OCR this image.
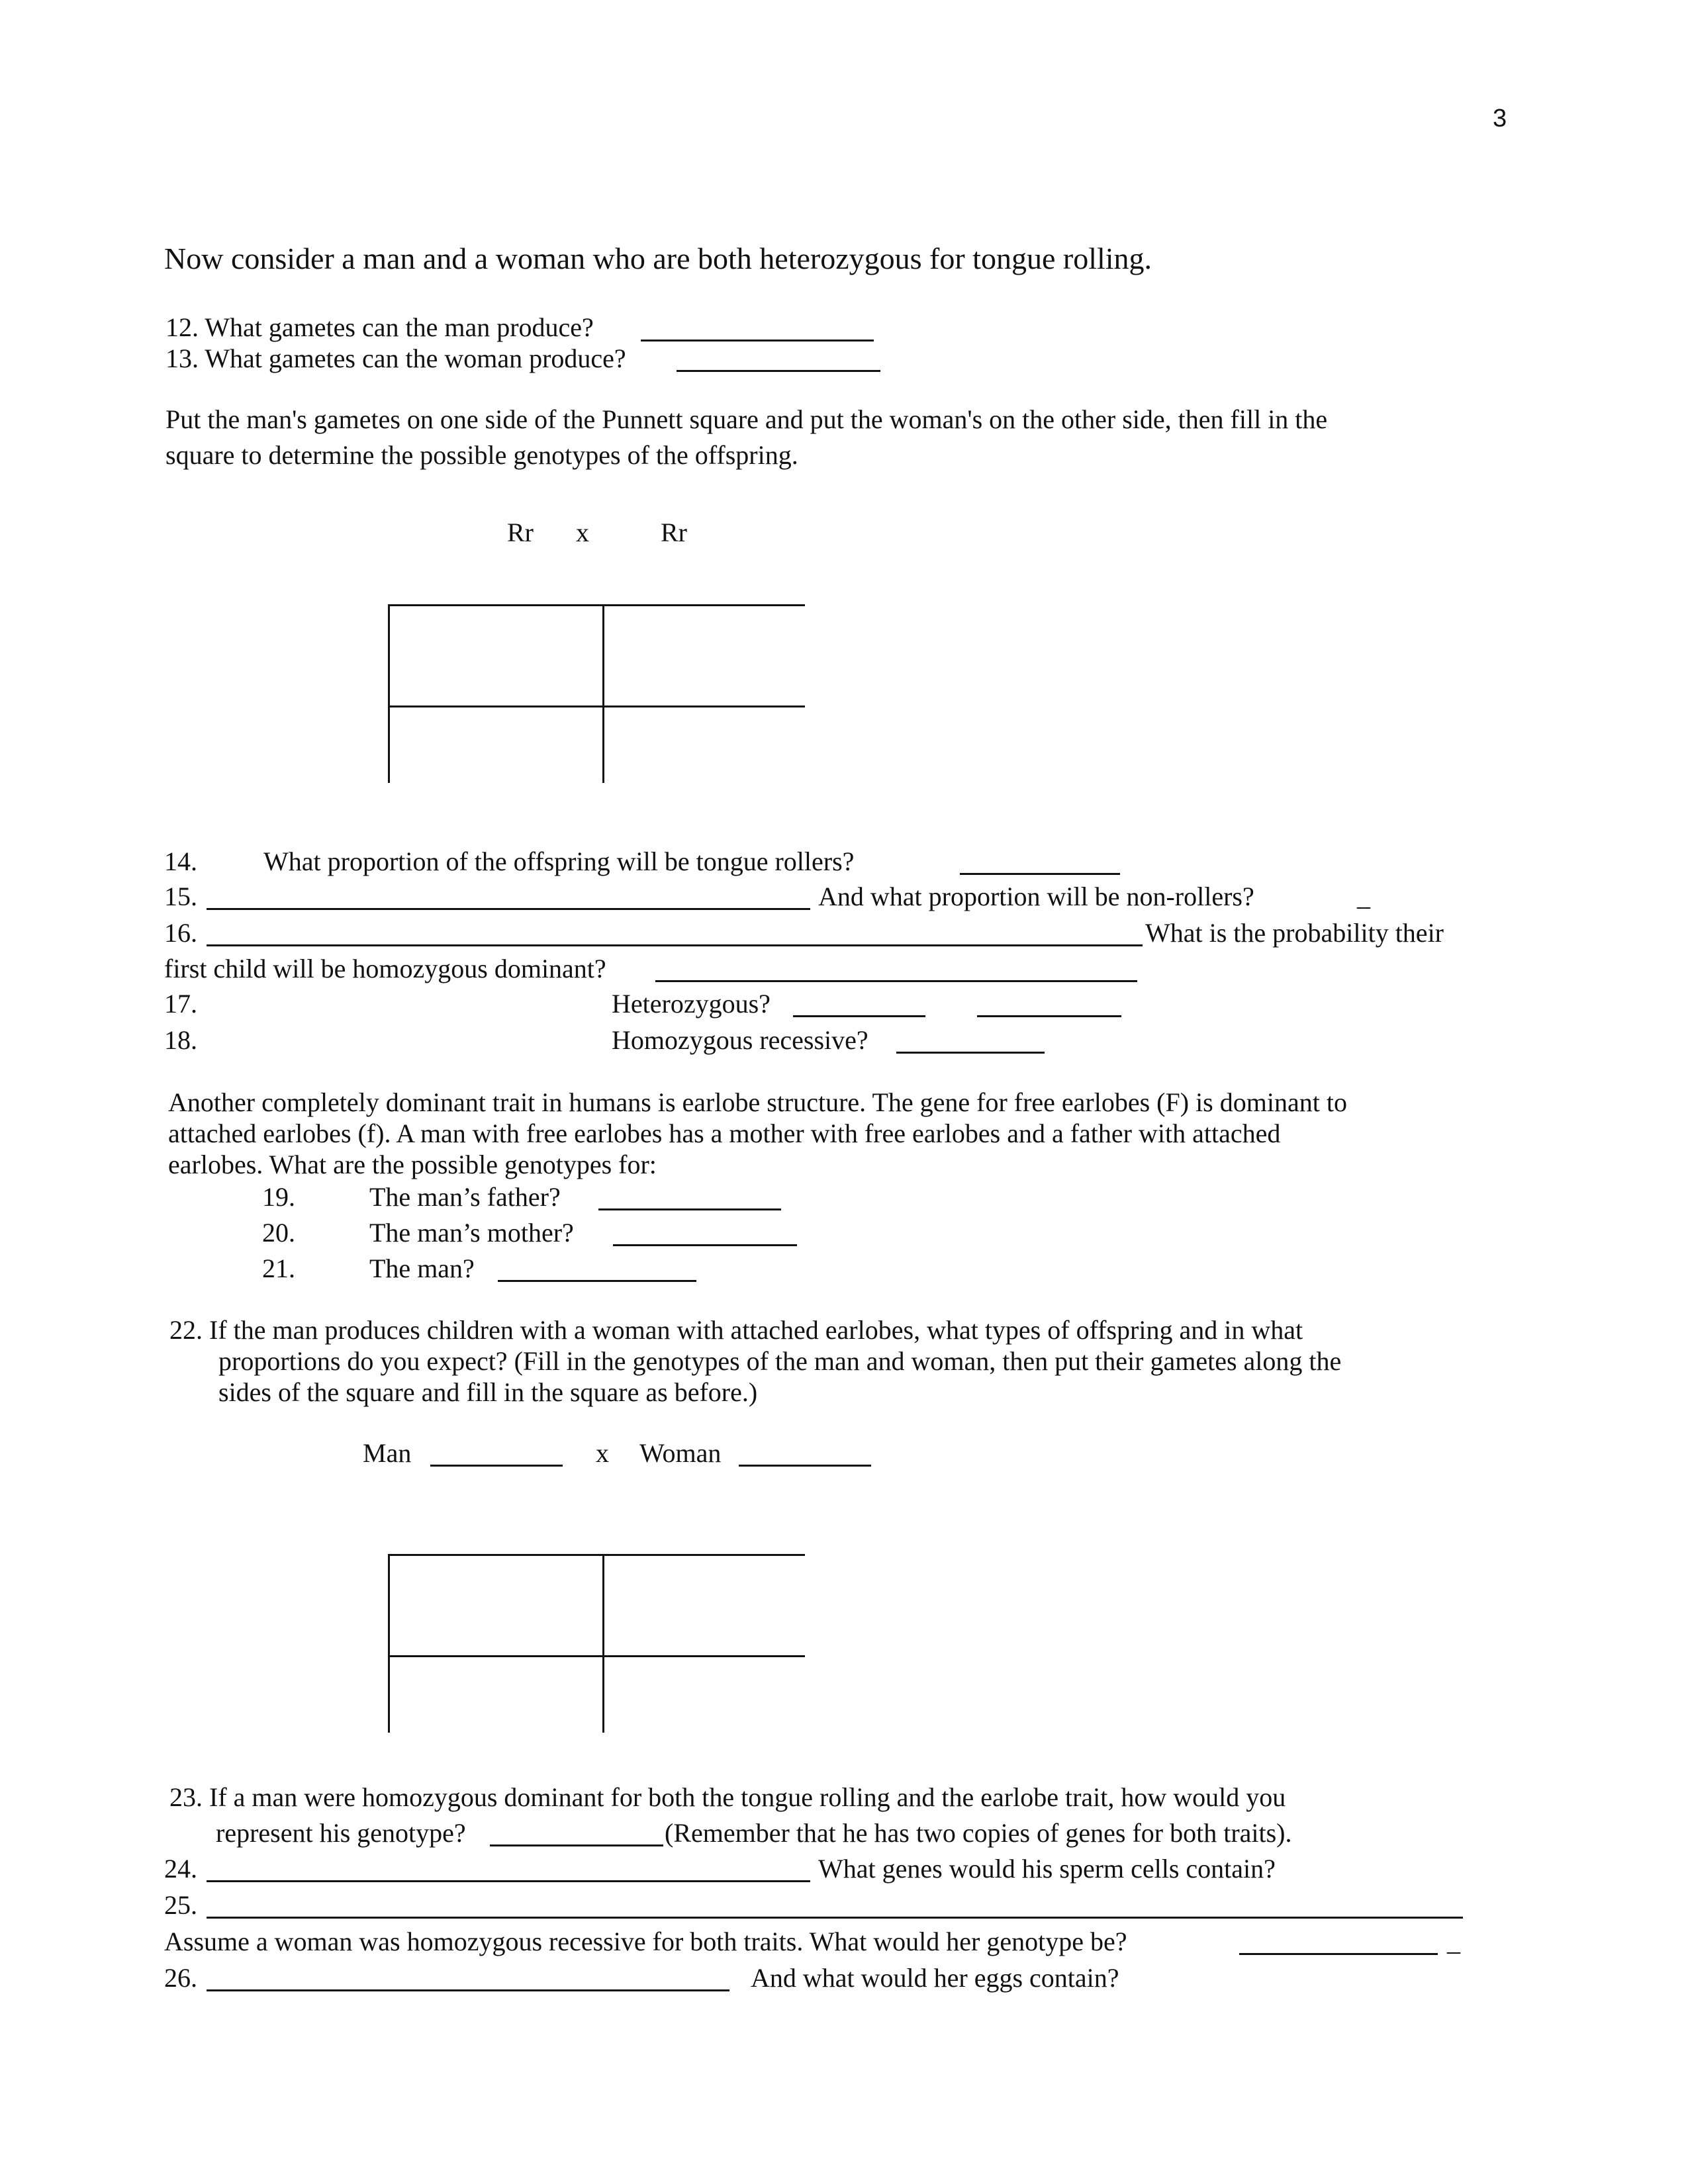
3
Now consider a man and a woman who are both heterozygous for tongue rolling.
12. What gametes can the man produce?
13. What gametes can the woman produce?
Put the man's gametes on one side of the Punnett square and put the woman's on the other side, then fill in the
square to determine the possible genotypes of the offspring.
Rr x	Rr
14.	What proportion of the offspring will be tongue rollers?
15.	And what proportion will be non-rollers?	_
16.	What is the probability their
first child will be homozygous dominant?
17.	Heterozygous?
18.	Homozygous recessive?
Another completely dominant trait in humans is earlobe structure. The gene for free earlobes (F) is dominant to
attached earlobes (f). A man with free earlobes has a mother with free earlobes and a father with attached
earlobes. What are the possible genotypes for:
19.	The man’s father?
20.	The man’s mother?
21.	The man?
22. If the man produces children with a woman with attached earlobes, what types of offspring and in what
proportions do you expect? (Fill in the genotypes of the man and woman, then put their gametes along the
sides of the square and fill in the square as before.)
Man	x Woman
23. If a man were homozygous dominant for both the tongue rolling and the earlobe trait, how would you
represent his genotype?	(Remember that he has two copies of genes for both traits).
24.	What genes would his sperm cells contain?
25.
Assume a woman was homozygous recessive for both traits. What would her genotype be?	_
26.	And what would her eggs contain?
